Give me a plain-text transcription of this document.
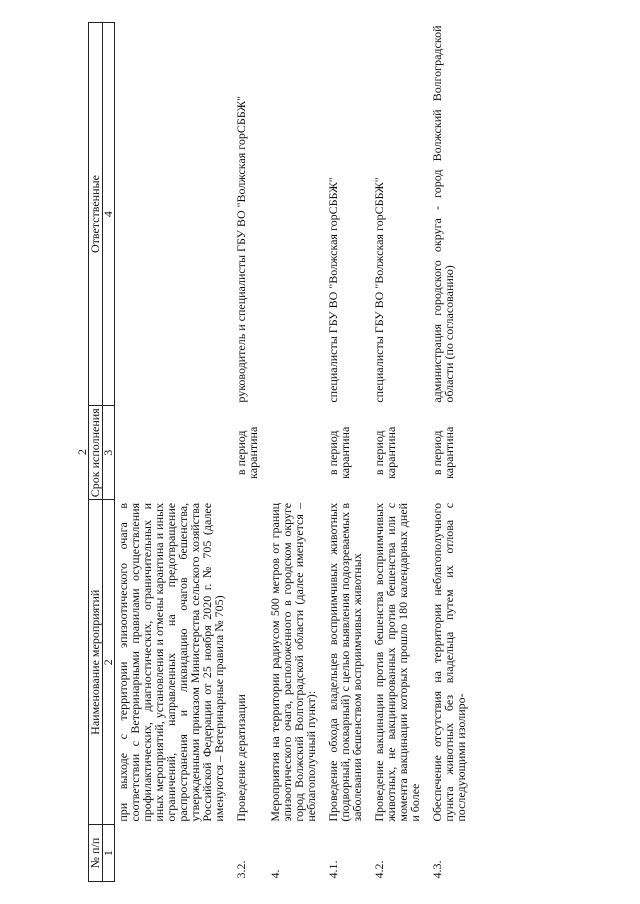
2
№ п/п	Наименование мероприятий	Срок исполнения	Ответственные
1	2	3	4
	при выходе с территории эпизоотического очага в соответствии с Ветеринарными правилами осуществления профилактических, диагностических, ограничительных и иных мероприятий, установления и отмены карантина и иных ограничений, направленных на предотвращение распространения и ликвидацию очагов бешенства, утвержденными приказом Министерства сельского хозяйства Российской Федерации от 25 ноября 2020 г. № 705 (далее именуются – Ветеринарные правила № 705)		
3.2.	Проведение дератизации	в период карантина	руководитель и специалисты ГБУ ВО "Волжская горСББЖ"
4.	Мероприятия на территории радиусом 500 метров от границ эпизоотического очага, расположенного в городском округе город Волжский Волгоградской области (далее именуется – неблагополучный пункт):		
4.1.	Проведение обхода владельцев восприимчивых животных (подворный, покварный) с целью выявления подозреваемых в заболевании бешенством восприимчивых животных	в период карантина	специалисты ГБУ ВО "Волжская горСББЖ"
4.2.	Проведение вакцинации против бешенства восприимчивых животных, не вакцинированных против бешенства или с момента вакцинации которых прошло 180 календарных дней и более	в период карантина	специалисты ГБУ ВО "Волжская горСББЖ"
4.3.	Обеспечение отсутствия на территории неблагополучного пункта животных без владельца путем их отлова с последующими изолиро-	в период карантина	администрация городского округа - город Волжский Волгоградской области (по согласованию)
